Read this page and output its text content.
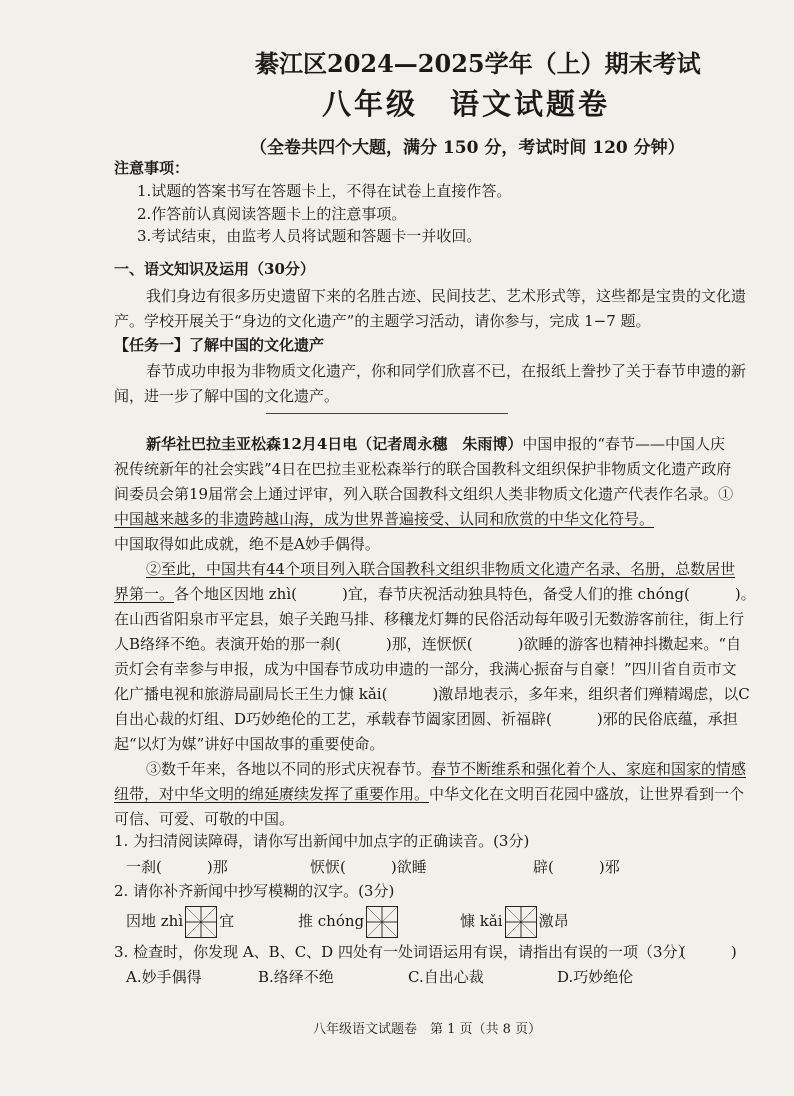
綦江区2024—2025学年（上）期末考试
八年级　语文试题卷
（全卷共四个大题，满分 150 分，考试时间 120 分钟）
注意事项：
1.试题的答案书写在答题卡上，不得在试卷上直接作答。
2.作答前认真阅读答题卡上的注意事项。
3.考试结束，由监考人员将试题和答题卡一并收回。
一、语文知识及运用（30分）
我们身边有很多历史遗留下来的名胜古迹、民间技艺、艺术形式等，这些都是宝贵的文化遗
产。学校开展关于“身边的文化遗产”的主题学习活动，请你参与，完成 1−7 题。
【任务一】了解中国的文化遗产
春节成功申报为非物质文化遗产，你和同学们欣喜不已，在报纸上誊抄了关于春节申遗的新
闻，进一步了解中国的文化遗产。
新华社巴拉圭亚松森12月4日电（记者周永穗　朱雨博）中国申报的“春节——中国人庆
祝传统新年的社会实践”4日在巴拉圭亚松森举行的联合国教科文组织保护非物质文化遗产政府
间委员会第19届常会上通过评审，列入联合国教科文组织人类非物质文化遗产代表作名录。①
中国越来越多的非遗跨越山海，成为世界普遍接受、认同和欣赏的中华文化符号。
中国取得如此成就，绝不是A妙手偶得。
②至此，中国共有44个项目列入联合国教科文组织非物质文化遗产名录、名册，总数居世
界第一。各个地区因地 zhì(　　　)宜，春节庆祝活动独具特色，备受人们的推 chóng(　　　)。
在山西省阳泉市平定县，娘子关跑马排、移穰龙灯舞的民俗活动每年吸引无数游客前往，街上行
人B络绎不绝。表演开始的那一刹(　　　)那，连恹恹(　　　)欲睡的游客也精神抖擞起来。“自
贡灯会有幸参与申报，成为中国春节成功申遗的一部分，我满心振奋与自豪！”四川省自贡市文
化广播电视和旅游局副局长王生力慷 kǎi(　　　)激昂地表示，多年来，组织者们殚精竭虑，以C
自出心裁的灯组、D巧妙绝伦的工艺，承载春节阖家团圆、祈福辟(　　　)邪的民俗底蕴，承担
起“以灯为媒”讲好中国故事的重要使命。
③数千年来，各地以不同的形式庆祝春节。春节不断维系和强化着个人、家庭和国家的情感
纽带，对中华文明的绵延赓续发挥了重要作用。中华文化在文明百花园中盛放，让世界看到一个
可信、可爱、可敬的中国。
1. 为扫清阅读障碍，请你写出新闻中加点字的正确读音。(3分)
一刹(　　　)那	恹恹(　　　)欲睡	辟(　　　)邪
2. 请你补齐新闻中抄写模糊的汉字。(3分)
因地 zhì 宜	推 chóng	慷 kǎi 激昂
3. 检查时，你发现 A、B、C、D 四处有一处词语运用有误，请指出有误的一项（3分）
(　　　)
A.妙手偶得	B.络绎不绝	C.自出心裁	D.巧妙绝伦
八年级语文试题卷　第 1 页（共 8 页）
